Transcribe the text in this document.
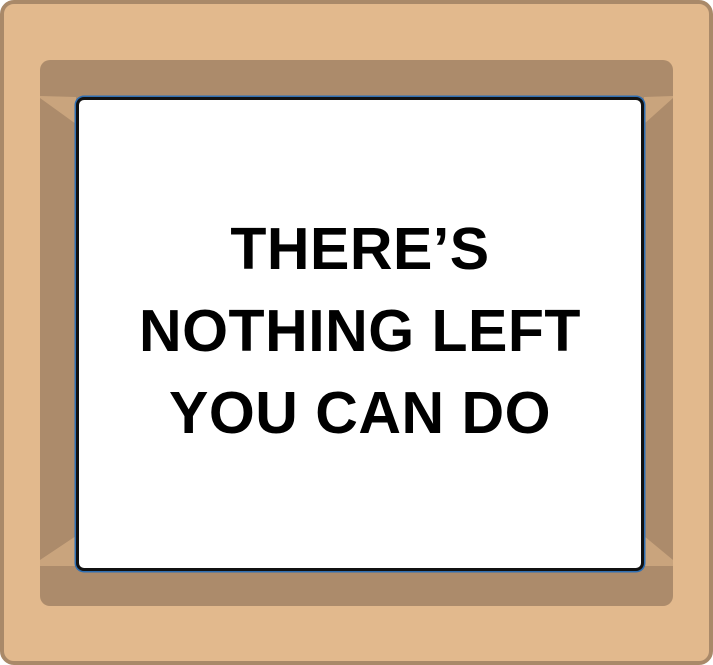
THERE’S
NOTHING LEFT
YOU CAN DO
